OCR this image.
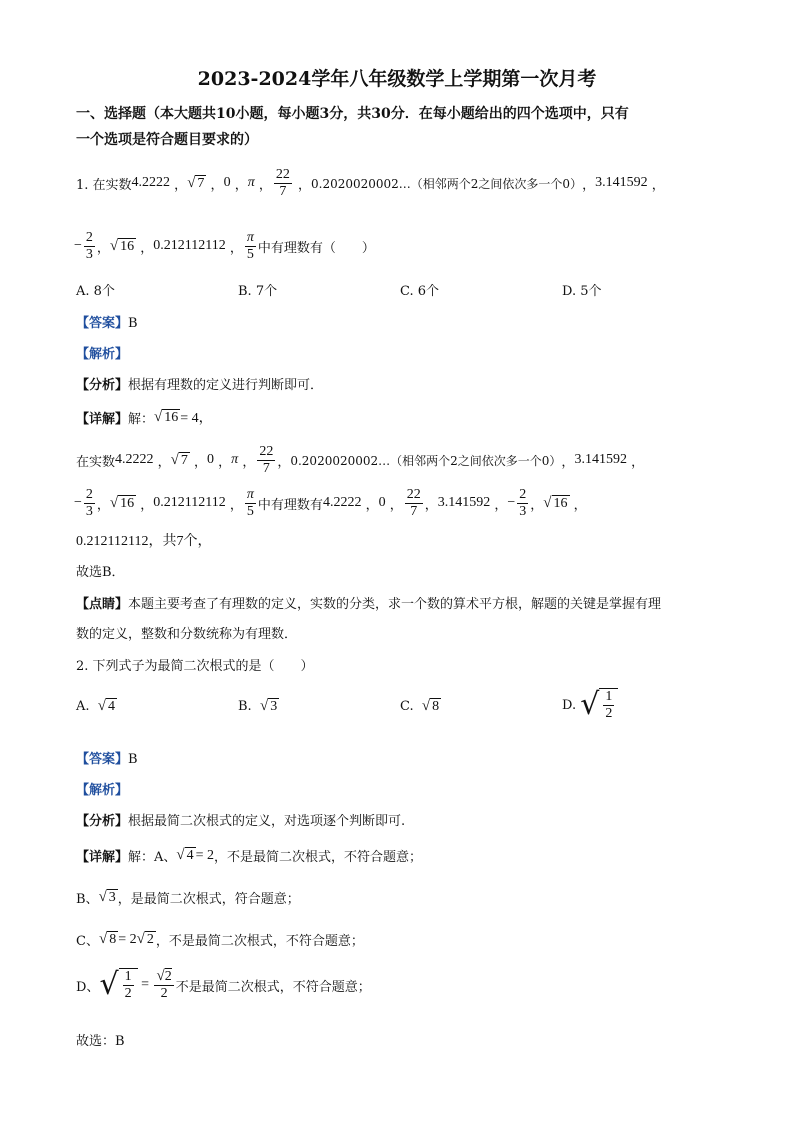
2023-2024学年八年级数学上学期第一次月考
一、选择题（本大题共10小题，每小题3分，共30分．在每小题给出的四个选项中，只有
一个选项是符合题目要求的）
1. 在实数 4.2222 ， √ 7 ， 0 ， π ， $\frac{22}{7}$ ， 0.2020020002…（相邻两个2之间依次多一个0） ， 3.141592 ，
− $\frac{2}{3}$ ， √ 16 ， 0.212112112 ， $\frac{\pi}{5}$ 中有理数有（　　）
A. 8个	B. 7个	C. 6个	D. 5个
【答案】B
【解析】
【分析】根据有理数的定义进行判断即可．
【详解】 解： √ 16 = 4，
在实数 4.2222 ， √ 7 ， 0 ， π ， $\frac{22}{7}$ ， 0.2020020002…（相邻两个2之间依次多一个0） ， 3.141592 ，
− $\frac{2}{3}$ ， √ 16 ， 0.212112112 ， $\frac{\pi}{5}$ 中有理数有 4.2222 ， 0 ， $\frac{22}{7}$ ， 3.141592 ， − $\frac{2}{3}$ ， √ 16 ，
0.212112112，共7个，
故选B．
【点睛】本题主要考查了有理数的定义，实数的分类，求一个数的算术平方根，解题的关键是掌握有理
数的定义，整数和分数统称为有理数．
2. 下列式子为最简二次根式的是（　　）
A.
√ 4	B.
√ 3	C.
√ 8	D.
√ $\frac{1}{2}$
【答案】B
【解析】
【分析】根据最简二次根式的定义，对选项逐个判断即可.
【详解】 解：A、 √ 4 = 2 ，不是最简二次根式，不符合题意；
B、 √ 3 ，是最简二次根式，符合题意；
C、 √ 8 = 2 √ 2 ，不是最简二次根式，不符合题意；
D、 √ $\frac{1}{2} = \frac{√2}{2}$ 不是最简二次根式，不符合题意；
故选：B
